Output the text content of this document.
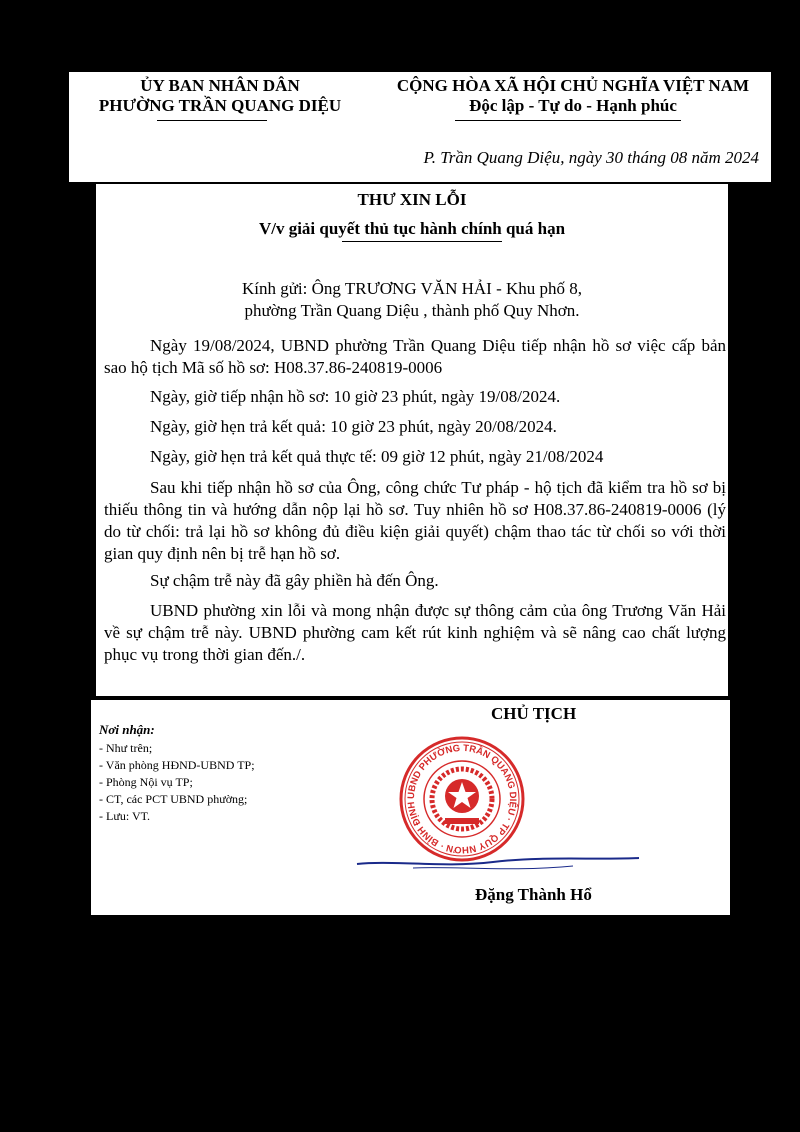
ỦY BAN NHÂN DÂN
PHƯỜNG TRẦN QUANG DIỆU
CỘNG HÒA XÃ HỘI CHỦ NGHĨA VIỆT NAM
Độc lập - Tự do - Hạnh phúc
P. Trần Quang Diệu, ngày 30 tháng 08 năm 2024
THƯ XIN LỖI
V/v giải quyết thủ tục hành chính quá hạn
Kính gửi: Ông TRƯƠNG VĂN HẢI - Khu phố 8,
phường Trần Quang Diệu , thành phố Quy Nhơn.
Ngày 19/08/2024, UBND phường Trần Quang Diệu tiếp nhận hồ sơ việc cấp bản sao hộ tịch Mã số hồ sơ: H08.37.86-240819-0006
Ngày, giờ tiếp nhận hồ sơ: 10 giờ 23 phút, ngày 19/08/2024.
Ngày, giờ hẹn trả kết quả: 10 giờ 23 phút, ngày 20/08/2024.
Ngày, giờ hẹn trả kết quả thực tế: 09 giờ 12 phút, ngày 21/08/2024
Sau khi tiếp nhận hồ sơ của Ông, công chức Tư pháp - hộ tịch đã kiểm tra hồ sơ bị thiếu thông tin và hướng dẫn nộp lại hồ sơ. Tuy nhiên hồ sơ H08.37.86-240819-0006 (lý do từ chối: trả lại hồ sơ không đủ điều kiện giải quyết) chậm thao tác từ chối so với thời gian quy định nên bị trễ hạn hồ sơ.
Sự chậm trễ này đã gây phiền hà đến Ông.
UBND phường xin lỗi và mong nhận được sự thông cảm của ông Trương Văn Hải về sự chậm trễ này. UBND phường cam kết rút kinh nghiệm và sẽ nâng cao chất lượng phục vụ trong thời gian đến./.
Nơi nhận:
- Như trên;
- Văn phòng HĐND-UBND TP;
- Phòng Nội vụ TP;
- CT, các PCT UBND phường;
- Lưu: VT.
CHỦ TỊCH
UBND PHƯỜNG TRẦN QUANG DIỆU · TP QUY NHƠN · BÌNH ĐỊNH
Đặng Thành Hổ
